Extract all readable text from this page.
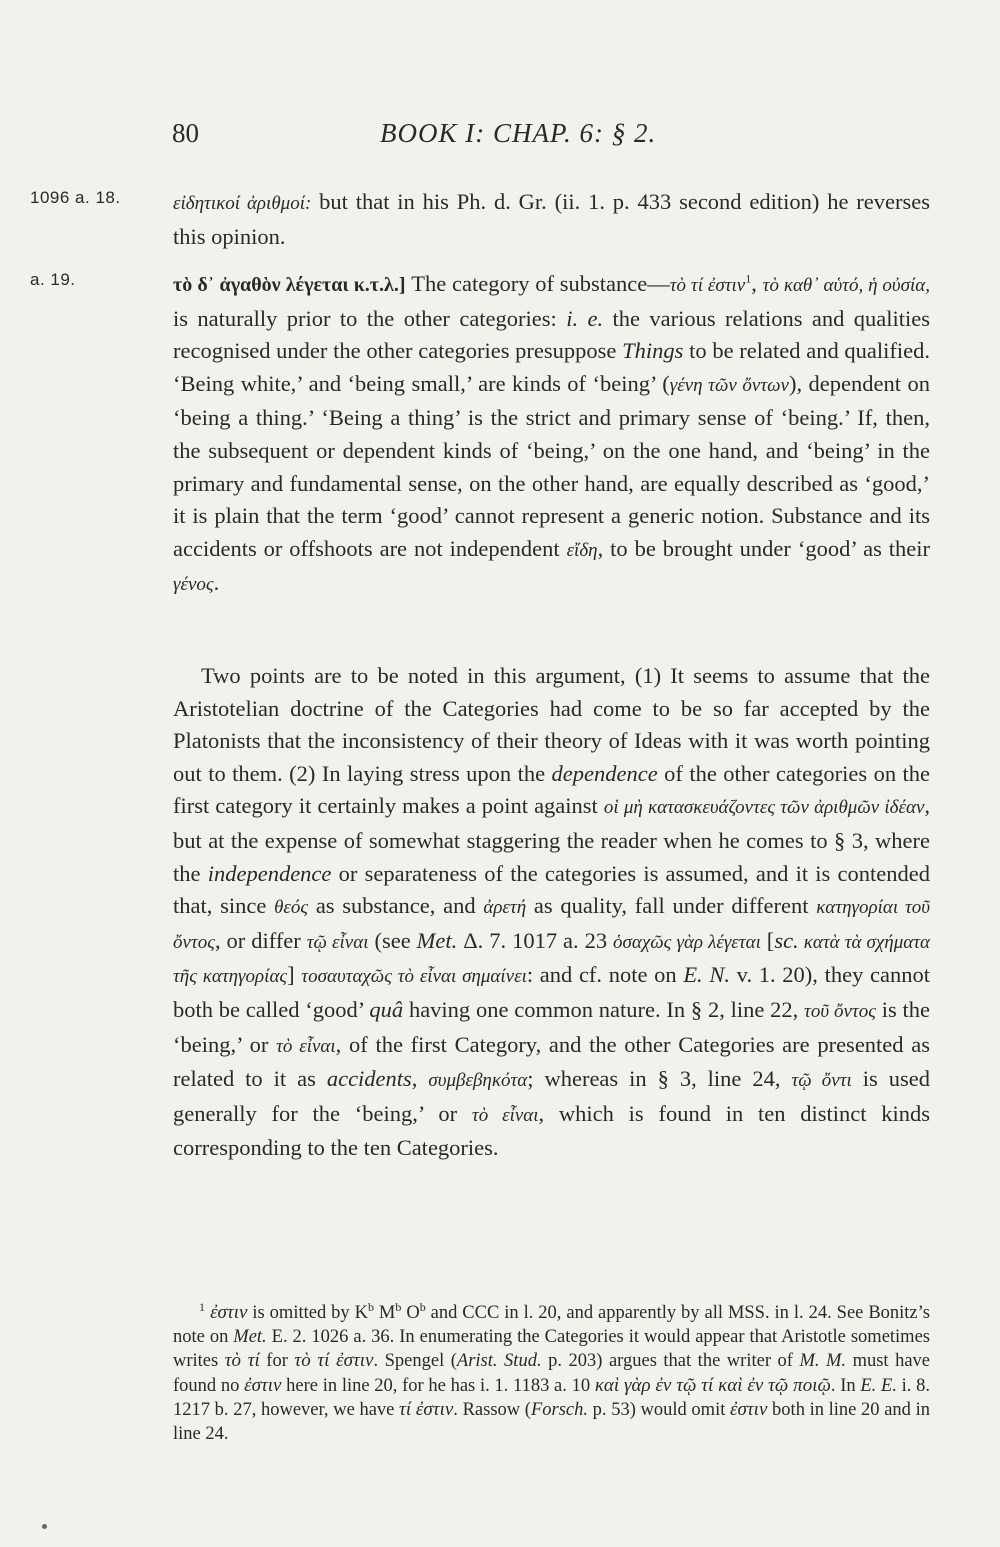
80	BOOK I: CHAP. 6: § 2.
1096 a. 18.	εἰδητικοί ἀριθμοί: but that in his Ph. d. Gr. (ii. 1. p. 433 second edition) he reverses this opinion.

a. 19.	τὸ δ᾽ ἀγαθὸν λέγεται κ.τ.λ.] The category of substance—τὸ τί ἐστιν$^1$, τὸ καθ᾽ αὑτό, ἡ οὐσία, is naturally prior to the other categories: i. e. the various relations and qualities recognised under the other categories presuppose Things to be related and qualified. ‘Being white,’ and ‘being small,’ are kinds of ‘being’ (γένη τῶν ὄντων), dependent on ‘being a thing.’ ‘Being a thing’ is the strict and primary sense of ‘being.’ If, then, the subsequent or dependent kinds of ‘being,’ on the one hand, and ‘being’ in the primary and fundamental sense, on the other hand, are equally described as ‘good,’ it is plain that the term ‘good’ cannot represent a generic notion. Substance and its accidents or offshoots are not independent εἴδη, to be brought under ‘good’ as their γένος.

Two points are to be noted in this argument, (1) It seems to assume that the Aristotelian doctrine of the Categories had come to be so far accepted by the Platonists that the inconsistency of their theory of Ideas with it was worth pointing out to them. (2) In laying stress upon the dependence of the other categories on the first category it certainly makes a point against οἱ μὴ κατασκευάζοντες τῶν ἀριθμῶν ἰδέαν, but at the expense of somewhat staggering the reader when he comes to § 3, where the independence or separateness of the categories is assumed, and it is contended that, since θεός as substance, and ἀρετή as quality, fall under different κατηγορίαι τοῦ ὄντος, or differ τῷ εἶναι (see Met. Δ. 7. 1017 a. 23 ὁσαχῶς γὰρ λέγεται [sc. κατὰ τὰ σχήματα τῆς κατηγορίας] τοσαυταχῶς τὸ εἶναι σημαίνει: and cf. note on E. N. v. 1. 20), they cannot both be called ‘good’ quâ having one common nature. In § 2, line 22, τοῦ ὄντος is the ‘being,’ or τὸ εἶναι, of the first Category, and the other Categories are presented as related to it as accidents, συμβεβηκότα; whereas in § 3, line 24, τῷ ὄντι is used generally for the ‘being,’ or τὸ εἶναι, which is found in ten distinct kinds corresponding to the ten Categories.

$^1$ ἐστιν is omitted by $K^b$ $M^b$ $O^b$ and CCC in l. 20, and apparently by all MSS. in l. 24. See Bonitz’s note on Met. E. 2. 1026 a. 36. In enumerating the Categories it would appear that Aristotle sometimes writes τὸ τί for τὸ τί ἐστιν. Spengel (Arist. Stud. p. 203) argues that the writer of M. M. must have found no ἐστιν here in line 20, for he has i. 1. 1183 a. 10 καὶ γὰρ ἐν τῷ τί καὶ ἐν τῷ ποιῷ. In E. E. i. 8. 1217 b. 27, however, we have τί ἐστιν. Rassow (Forsch. p. 53) would omit ἐστιν both in line 20 and in line 24.
